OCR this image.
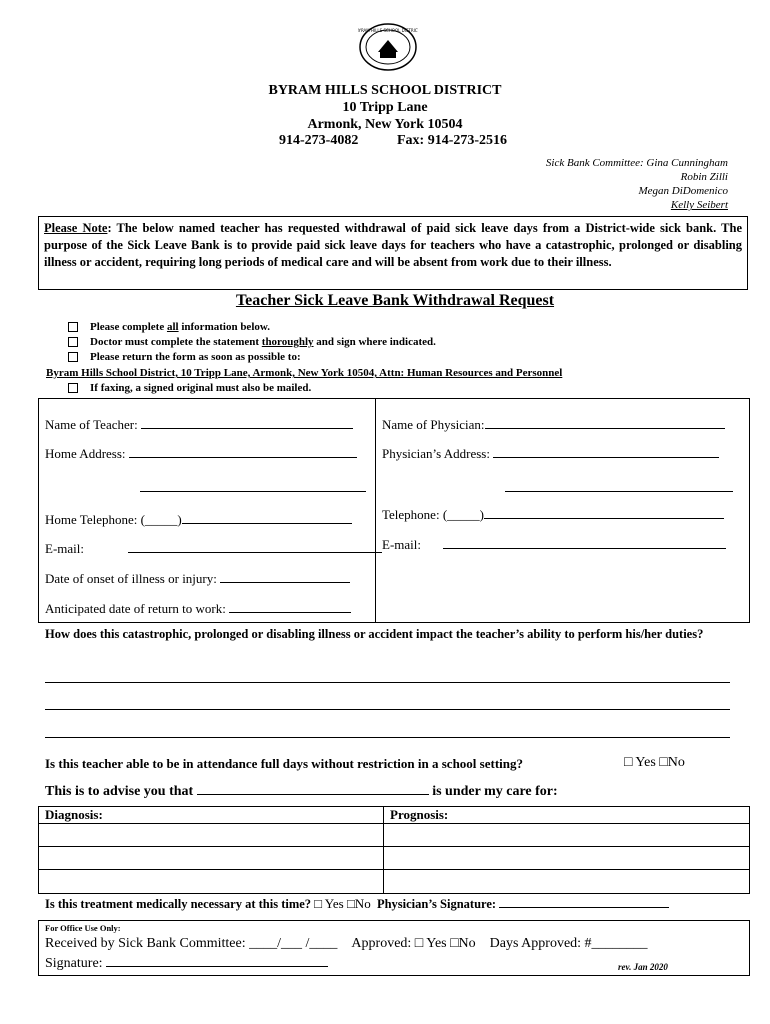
BYRAM HILLS SCHOOL DISTRICT
BYRAM HILLS SCHOOL DISTRICT
10 Tripp Lane
Armonk, New York 10504
914-273-4082	Fax: 914-273-2516
Sick Bank Committee: Gina Cunningham
Robin Zilli
Megan DiDomenico
Kelly Seibert
Please Note: The below named teacher has requested withdrawal of paid sick leave days from a District-wide sick bank. The purpose of the Sick Leave Bank is to provide paid sick leave days for teachers who have a catastrophic, prolonged or disabling illness or accident, requiring long periods of medical care and will be absent from work due to their illness.
Teacher Sick Leave Bank Withdrawal Request
Please complete all information below.
Doctor must complete the statement thoroughly and sign where indicated.
Please return the form as soon as possible to:
Byram Hills School District, 10 Tripp Lane, Armonk, New York 10504, Attn: Human Resources and Personnel
If faxing, a signed original must also be mailed.
Name of Teacher:
Home Address:
Home Telephone: (_____)
E-mail:
Date of onset of illness or injury:
Anticipated date of return to work:
Name of Physician:
Physician’s Address:
Telephone: (_____)
E-mail:
How does this catastrophic, prolonged or disabling illness or accident impact the teacher’s ability to perform his/her duties?
Is this teacher able to be in attendance full days without restriction in a school setting?	□ Yes □No
This is to advise you that	is under my care for:
Diagnosis:	Prognosis:
Is this treatment medically necessary at this time? □ Yes □No Physician’s Signature:
For Office Use Only:
Received by Sick Bank Committee: ____/___ /____ Approved: □ Yes □No Days Approved: #________
Signature:	rev. Jan 2020
